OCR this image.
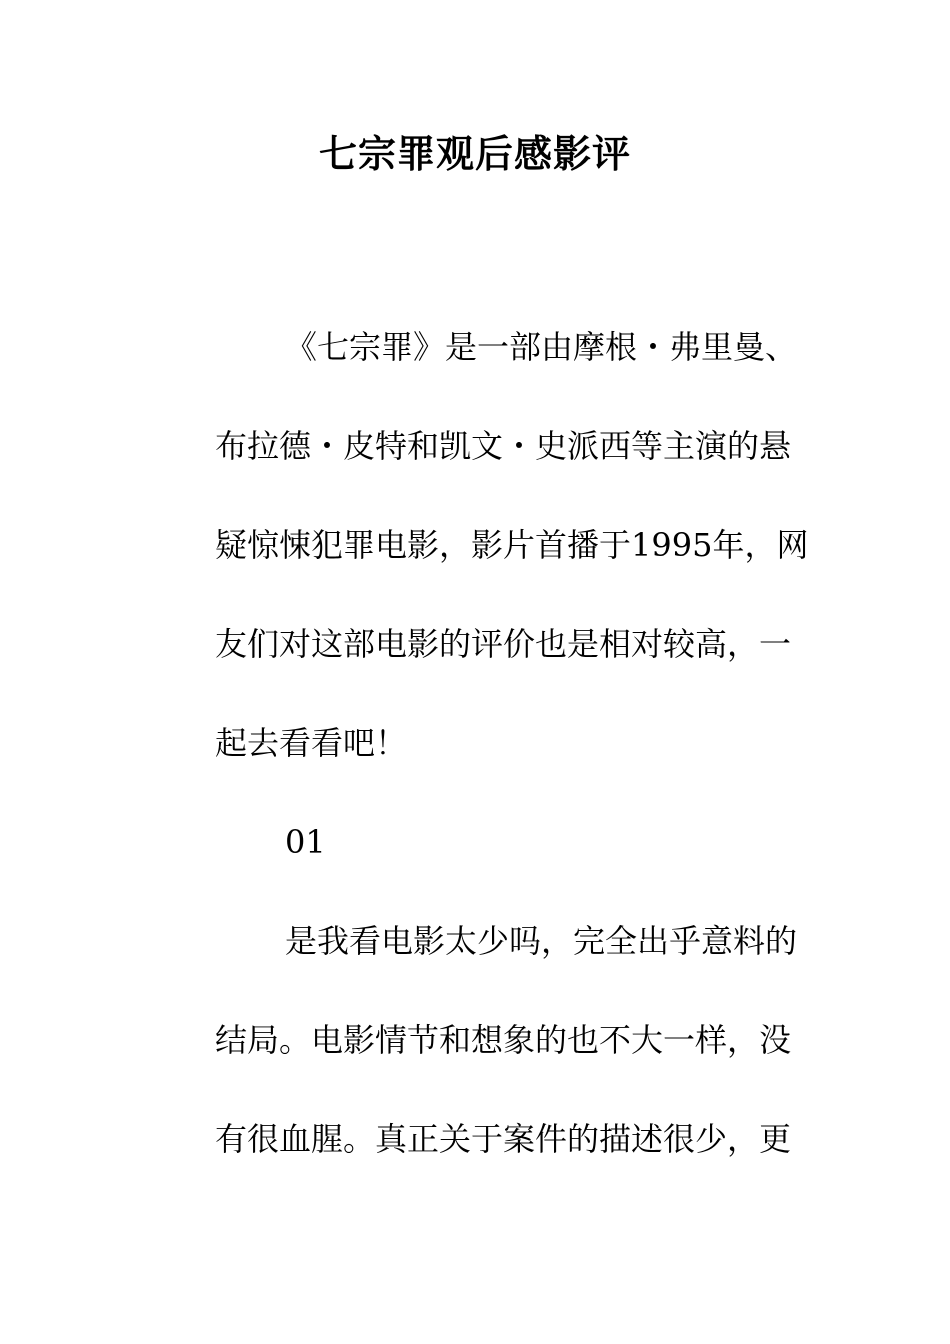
七宗罪观后感影评
《七宗罪》是一部由摩根・弗里曼、
布拉德・皮特和凯文・史派西等主演的悬
疑惊悚犯罪电影，影片首播于1995年，网
友们对这部电影的评价也是相对较高，一
起去看看吧！
01
是我看电影太少吗，完全出乎意料的
结局。电影情节和想象的也不大一样，没
有很血腥。真正关于案件的描述很少，更
